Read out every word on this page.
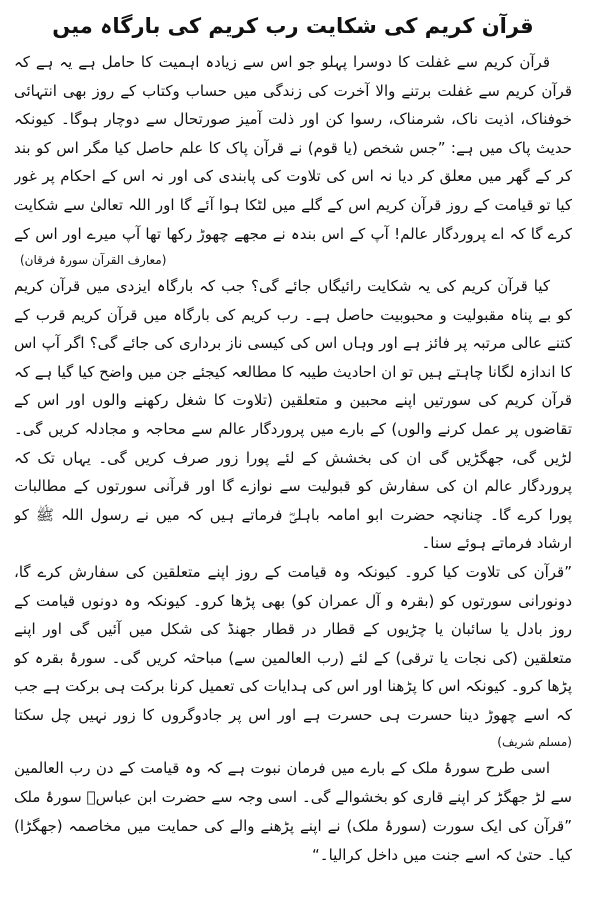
قرآن کریم کی شکایت رب کریم کی بارگاہ میں

قرآن کریم سے غفلت کا دوسرا پہلو جو اس سے زیادہ اہمیت کا حامل ہے یہ ہے کہ قرآن کریم سے غفلت برتنے والا آخرت کی زندگی میں حساب وکتاب کے روز بھی انتہائی خوفناک، اذیت ناک، شرمناک، رسوا کن اور ذلت آمیز صورتحال سے دوچار ہوگا۔ کیونکہ حدیث پاک میں ہے: ”جس شخص (یا قوم) نے قرآن پاک کا علم حاصل کیا مگر اس کو بند کر کے گھر میں معلق کر دیا نہ اس کی تلاوت کی پابندی کی اور نہ اس کے احکام پر غور کیا تو قیامت کے روز قرآن کریم اس کے گلے میں لٹکا ہوا آئے گا اور اللہ تعالیٰ سے شکایت کرے گا کہ اے پروردگار عالم! آپ کے اس بندہ نے مجھے چھوڑ رکھا تھا آپ میرے اور اس کے

(معارف القرآن سورۂ فرقان)

کیا قرآن کریم کی یہ شکایت رائیگاں جائے گی؟ جب کہ بارگاہ ایزدی میں قرآن کریم کو بے پناہ مقبولیت و محبوبیت حاصل ہے۔ رب کریم کی بارگاہ میں قرآن کریم قرب کے کتنے عالی مرتبہ پر فائز ہے اور وہاں اس کی کیسی ناز برداری کی جائے گی؟ اگر آپ اس کا اندازہ لگانا چاہتے ہیں تو ان احادیث طیبہ کا مطالعہ کیجئے جن میں واضح کیا گیا ہے کہ قرآن کریم کی سورتیں اپنے محبین و متعلقین (تلاوت کا شغل رکھنے والوں اور اس کے تقاضوں پر عمل کرنے والوں) کے بارے میں پروردگار عالم سے محاجہ و مجادلہ کریں گی۔ لڑیں گی، جھگڑیں گی ان کی بخشش کے لئے پورا زور صرف کریں گی۔ یہاں تک کہ پروردگار عالم ان کی سفارش کو قبولیت سے نوازے گا اور قرآنی سورتوں کے مطالبات پورا کرے گا۔ چنانچہ حضرت ابو امامہ باہلیؓ فرماتے ہیں کہ میں نے رسول اللہ ﷺ کو ارشاد فرماتے ہوئے سنا۔

”قرآن کی تلاوت کیا کرو۔ کیونکہ وہ قیامت کے روز اپنے متعلقین کی سفارش کرے گا، دونورانی سورتوں کو (بقرہ و آل عمران کو) بھی پڑھا کرو۔ کیونکہ وہ دونوں قیامت کے روز بادل یا سائبان یا چڑیوں کے قطار در قطار جھنڈ کی شکل میں آئیں گی اور اپنے متعلقین (کی نجات یا ترقی) کے لئے (رب العالمین سے) مباحثہ کریں گی۔ سورۂ بقرہ کو پڑھا کرو۔ کیونکہ اس کا پڑھنا اور اس کی ہدایات کی تعمیل کرنا برکت ہی برکت ہے جب کہ اسے چھوڑ دینا حسرت ہی حسرت ہے اور اس پر جادوگروں کا زور نہیں چل سکتا

(مسلم شریف)

اسی طرح سورۂ ملک کے بارے میں فرمان نبوت ہے کہ وہ قیامت کے دن رب العالمین سے لڑ جھگڑ کر اپنے قاری کو بخشوالے گی۔ اسی وجہ سے حضرت ابن عباسؓ سورۂ ملک

”قرآن کی ایک سورت (سورۂ ملک) نے اپنے پڑھنے والے کی حمایت میں مخاصمہ (جھگڑا) کیا۔ حتیٰ کہ اسے جنت میں داخل کرالیا۔“
